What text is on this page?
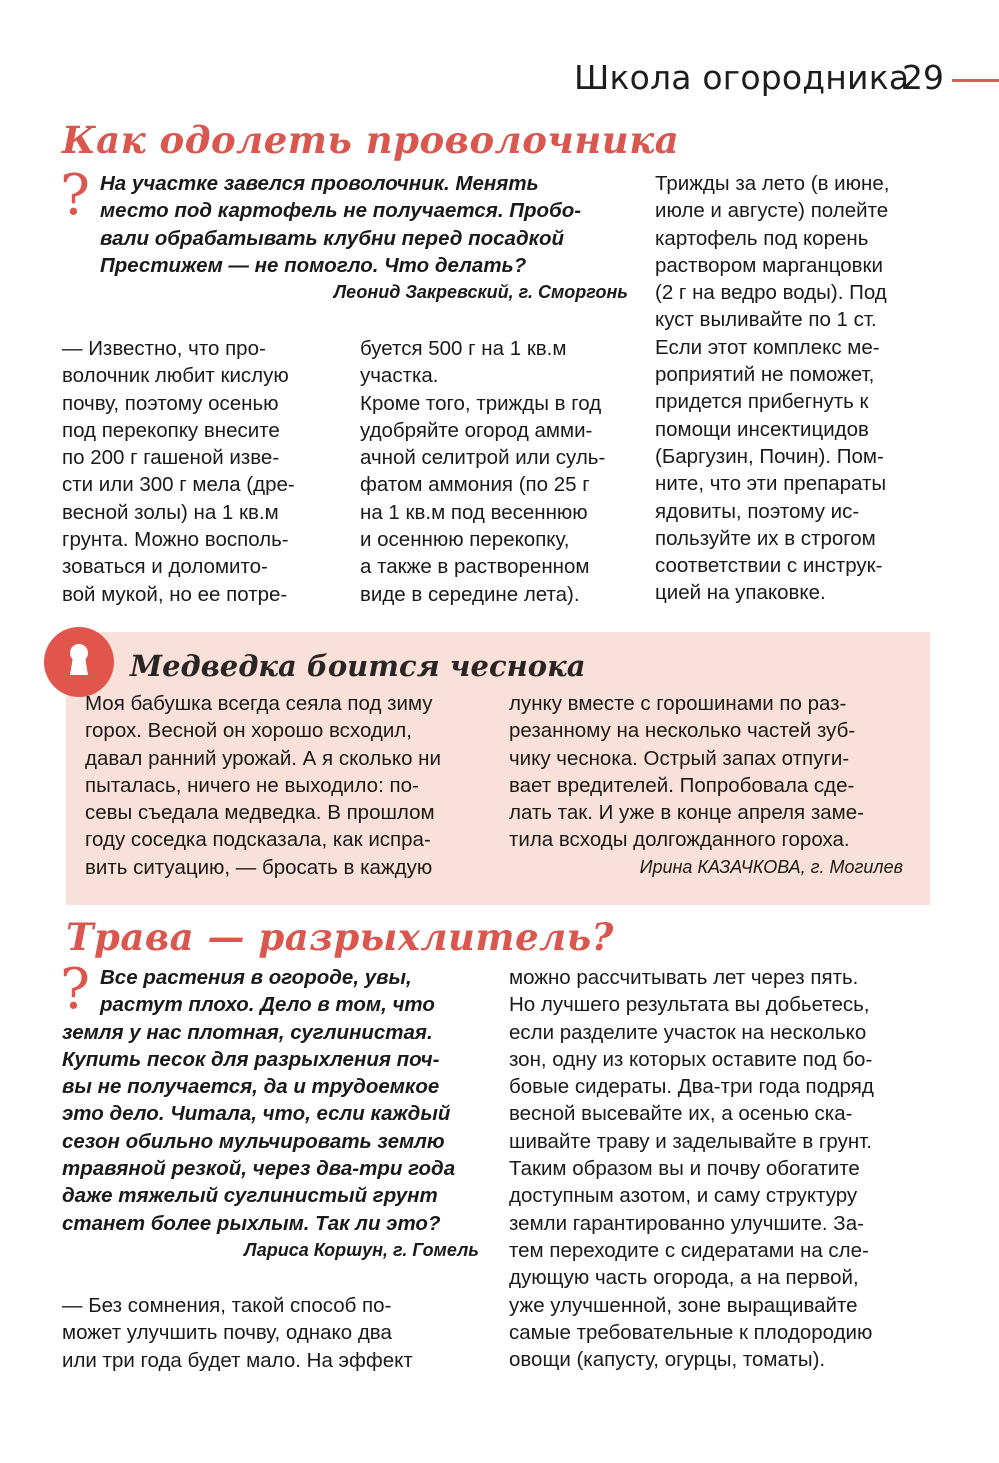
Школа огородника
29
Как одолеть проволочника
? На участке завелся проволочник. Менять

место под картофель не получается. Пробо-

вали обрабатывать клубни перед посадкой

Престижем — не помогло. Что делать?

Леонид Закревский, г. Сморгонь

— Известно, что про-

волочник любит кислую

почву, поэтому осенью

под перекопку внесите

по 200 г гашеной изве-

сти или 300 г мела (дре-

весной золы) на 1 кв.м

грунта. Можно восполь-

зоваться и доломито-

вой мукой, но ее потре-

буется 500 г на 1 кв.м

участка.

Кроме того, трижды в год

удобряйте огород амми-

ачной селитрой или суль-

фатом аммония (по 25 г

на 1 кв.м под весеннюю

и осеннюю перекопку,

а также в растворенном

виде в середине лета).

Трижды за лето (в июне,

июле и августе) полейте

картофель под корень

раствором марганцовки

(2 г на ведро воды). Под

куст выливайте по 1 ст.

Если этот комплекс ме-

роприятий не поможет,

придется прибегнуть к

помощи инсектицидов

(Баргузин, Почин). Пом-

ните, что эти препараты

ядовиты, поэтому ис-

пользуйте их в строгом

соответствии с инструк-

цией на упаковке.

Медведка боится чеснока

Моя бабушка всегда сеяла под зиму

горох. Весной он хорошо всходил,

давал ранний урожай. А я сколько ни

пыталась, ничего не выходило: по-

севы съедала медведка. В прошлом

году соседка подсказала, как испра-

вить ситуацию, — бросать в каждую

лунку вместе с горошинами по раз-

резанному на несколько частей зуб-

чику чеснока. Острый запах отпуги-

вает вредителей. Попробовала сде-

лать так. И уже в конце апреля заме-

тила всходы долгожданного гороха.

Ирина КАЗАЧКОВА, г. Могилев

Трава — разрыхлитель?
? Все растения в огороде, увы,

растут плохо. Дело в том, что

земля у нас плотная, суглинистая.

Купить песок для разрыхления поч-

вы не получается, да и трудоемкое

это дело. Читала, что, если каждый

сезон обильно мульчировать землю

травяной резкой, через два-три года

даже тяжелый суглинистый грунт

станет более рыхлым. Так ли это?

Лариса Коршун, г. Гомель

— Без сомнения, такой способ по-

может улучшить почву, однако два

или три года будет мало. На эффект

можно рассчитывать лет через пять.

Но лучшего результата вы добьетесь,

если разделите участок на несколько

зон, одну из которых оставите под бо-

бовые сидераты. Два-три года подряд

весной высевайте их, а осенью ска-

шивайте траву и заделывайте в грунт.

Таким образом вы и почву обогатите

доступным азотом, и саму структуру

земли гарантированно улучшите. За-

тем переходите с сидератами на сле-

дующую часть огорода, а на первой,

уже улучшенной, зоне выращивайте

самые требовательные к плодородию

овощи (капусту, огурцы, томаты).
